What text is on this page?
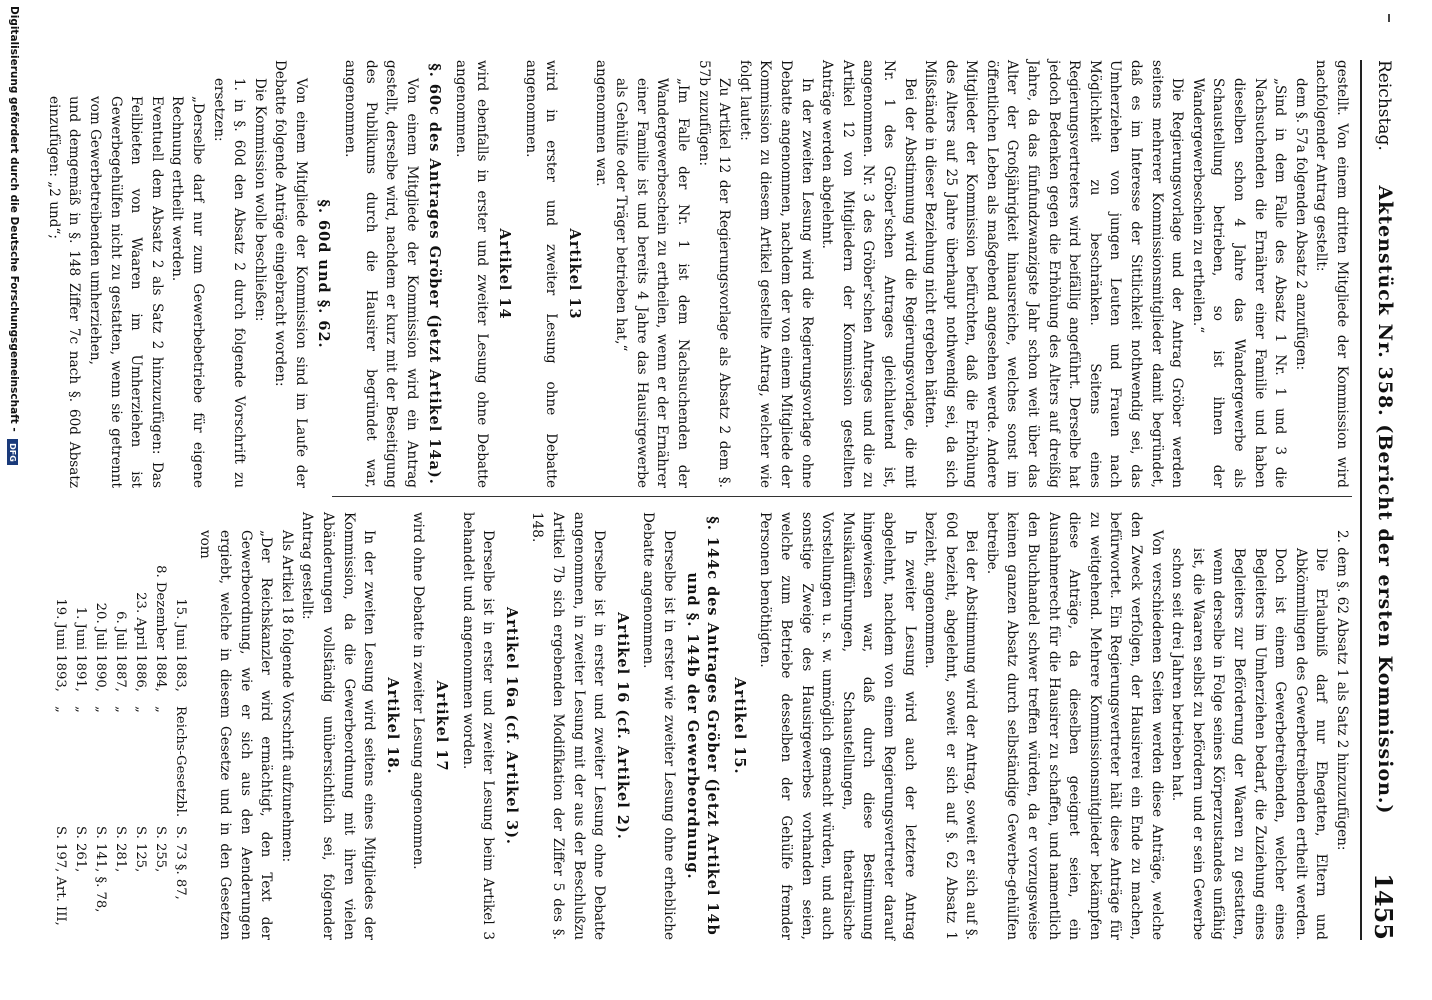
Reichstag.
Aktenstück Nr. 358. (Bericht der ersten Kommission.)
1455

gestellt. Von einem dritten Mitgliede der Kommission wird nachfolgender Antrag gestellt:

dem §. 57a folgenden Absatz 2 anzufügen:

„Sind in dem Falle des Absatz 1 Nr. 1 und 3 die Nachsuchenden die Ernährer einer Familie und haben dieselben schon 4 Jahre das Wandergewerbe als Schaustellung betrieben, so ist ihnen der Wandergewerbeschein zu ertheilen.“

Die Regierungsvorlage und der Antrag Gröber werden seitens mehrerer Kommissionsmitglieder damit begründet, daß es im Interesse der Sittlichkeit nothwendig sei, das Umherziehen von jungen Leuten und Frauen nach Möglichkeit zu beschränken. Seitens eines Regierungsvertreters wird beifällig angeführt. Derselbe hat jedoch Bedenken gegen die Erhöhung des Alters auf dreißig Jahre, da das fünfundzwanzigste Jahr schon weit über das Alter der Großjährigkeit hinausreiche, welches sonst im öffentlichen Leben als maßgebend angesehen werde. Andere Mitglieder der Kommission befürchten, daß die Erhöhung des Alters auf 25 Jahre überhaupt nothwendig sei, da sich Mißstände in dieser Beziehung nicht ergeben hätten.

Bei der Abstimmung wird die Regierungsvorlage, die mit Nr. 1 des Gröber'schen Antrages gleichlautend ist, angenommen. Nr. 3 des Gröber'schen Antrages und die zu Artikel 12 von Mitgliedern der Kommission gestellten Anträge werden abgelehnt.

In der zweiten Lesung wird die Regierungsvorlage ohne Debatte angenommen, nachdem der von einem Mitgliede der Kommission zu diesem Artikel gestellte Antrag, welcher wie folgt lautet:

Zu Artikel 12 der Regierungsvorlage als Absatz 2 dem §. 57b zuzufügen:

„Im Falle der Nr. 1 ist dem Nachsuchenden der Wandergewerbeschein zu ertheilen, wenn er der Ernährer einer Familie ist und bereits 4 Jahre das Hausirgewerbe als Gehülfe oder Träger betrieben hat,“

angenommen war.

Artikel 13

wird in erster und zweiter Lesung ohne Debatte angenommen.

Artikel 14

wird ebenfalls in erster und zweiter Lesung ohne Debatte angenommen.

§. 60c des Antrages Gröber (jetzt Artikel 14a).

Von einem Mitgliede der Kommission wird ein Antrag gestellt, derselbe wird, nachdem er kurz mit der Beseitigung des Publikums durch die Hausirer begründet war, angenommen.

§. 60d und §. 62.

Von einem Mitgliede der Kommission sind im Laufe der Debatte folgende Anträge eingebracht worden:

Die Kommission wolle beschließen:

1. in §. 60d den Absatz 2 durch folgende Vorschrift zu ersetzen:

„Derselbe darf nur zum Gewerbebetriebe für eigene Rechnung ertheilt werden.

Eventuell dem Absatz 2 als Satz 2 hinzuzufügen: Das Feilbieten von Waaren im Umherziehen ist Gewerbegehülfen nicht zu gestatten, wenn sie getrennt vom Gewerbetreibenden umherziehen,

und demgemäß in §. 148 Ziffer 7c nach §. 60d Absatz einzufügen: „2 und“;

2. dem §. 62 Absatz 1 als Satz 2 hinzuzufügen:

Die Erlaubniß darf nur Ehegatten, Eltern und Abkömmlingen des Gewerbetreibenden ertheilt werden. Doch ist einem Gewerbetreibenden, welcher eines Begleiters im Umherziehen bedarf, die Zuziehung eines Begleiters zur Beförderung der Waaren zu gestatten, wenn derselbe in Folge seines Körperzustandes unfähig ist, die Waaren selbst zu befördern und er sein Gewerbe schon seit drei Jahren betrieben hat.

Von verschiedenen Seiten werden diese Anträge, welche den Zweck verfolgen, der Hausirerei ein Ende zu machen, befürwortet. Ein Regierungsvertreter hält diese Anträge für zu weitgehend. Mehrere Kommissionsmitglieder bekämpfen diese Anträge, da dieselben geeignet seien, ein Ausnahmerecht für die Hausirer zu schaffen, und namentlich den Buchhandel schwer treffen würden, da er vorzugsweise keinen ganzen Absatz durch selbständige Gewerbe-gehülfen betreibe.

Bei der Abstimmung wird der Antrag, soweit er sich auf §. 60d bezieht, abgelehnt, soweit er sich auf §. 62 Absatz 1 bezieht, angenommen.

In zweiter Lesung wird auch der letztere Antrag abgelehnt, nachdem von einem Regierungsvertreter darauf hingewiesen war, daß durch diese Bestimmung Musikaufführungen, Schaustellungen, theatralische Vorstellungen u. s. w. unmöglich gemacht würden, und auch sonstige Zweige des Hausirgewerbes vorhanden seien, welche zum Betriebe desselben der Gehülfe fremder Personen benöthigten.

Artikel 15.
§. 144c des Antrages Gröber (jetzt Artikel 14b und §. 144b der Gewerbeordnung.

Derselbe ist in erster wie zweiter Lesung ohne erhebliche Debatte angenommen.

Artikel 16 (cf. Artikel 2).

Derselbe ist in erster und zweiter Lesung ohne Debatte angenommen, in zweiter Lesung mit der aus der Beschlußzu Artikel 7b sich ergebenden Modifikation der Ziffer 5 des §. 148.

Artikel 16a (cf. Artikel 3).

Derselbe ist in erster und zweiter Lesung beim Artikel 3 behandelt und angenommen worden.

Artikel 17

wird ohne Debatte in zweiter Lesung angenommen.

Artikel 18.

In der zweiten Lesung wird seitens eines Mitgliedes der Kommission, da die Gewerbeordnung mit ihren vielen Abänderungen vollständig unübersichtlich sei, folgender Antrag gestellt:

Als Artikel 18 folgende Vorschrift aufzunehmen:

„Der Reichskanzler wird ermächtigt, den Text der Gewerbeordnung, wie er sich aus den Aenderungen ergiebt, welche in diesem Gesetze und in den Gesetzen vom

15. Juni 1883,
Reichs-Gesetzbl.
S. 73 §. 87,
8. Dezember 1884,
„
S. 255,
23. April 1886,
„
S. 125,
6. Juli 1887,
„
S. 281,
20. Juli 1890,
„
S. 141, §. 78,
1. Juni 1891,
„
S. 261,
19. Juni 1893,
„
S. 197, Art. III,
Digitalisierung gefördert durch die Deutsche Forschungsgemeinschaft - DFG
